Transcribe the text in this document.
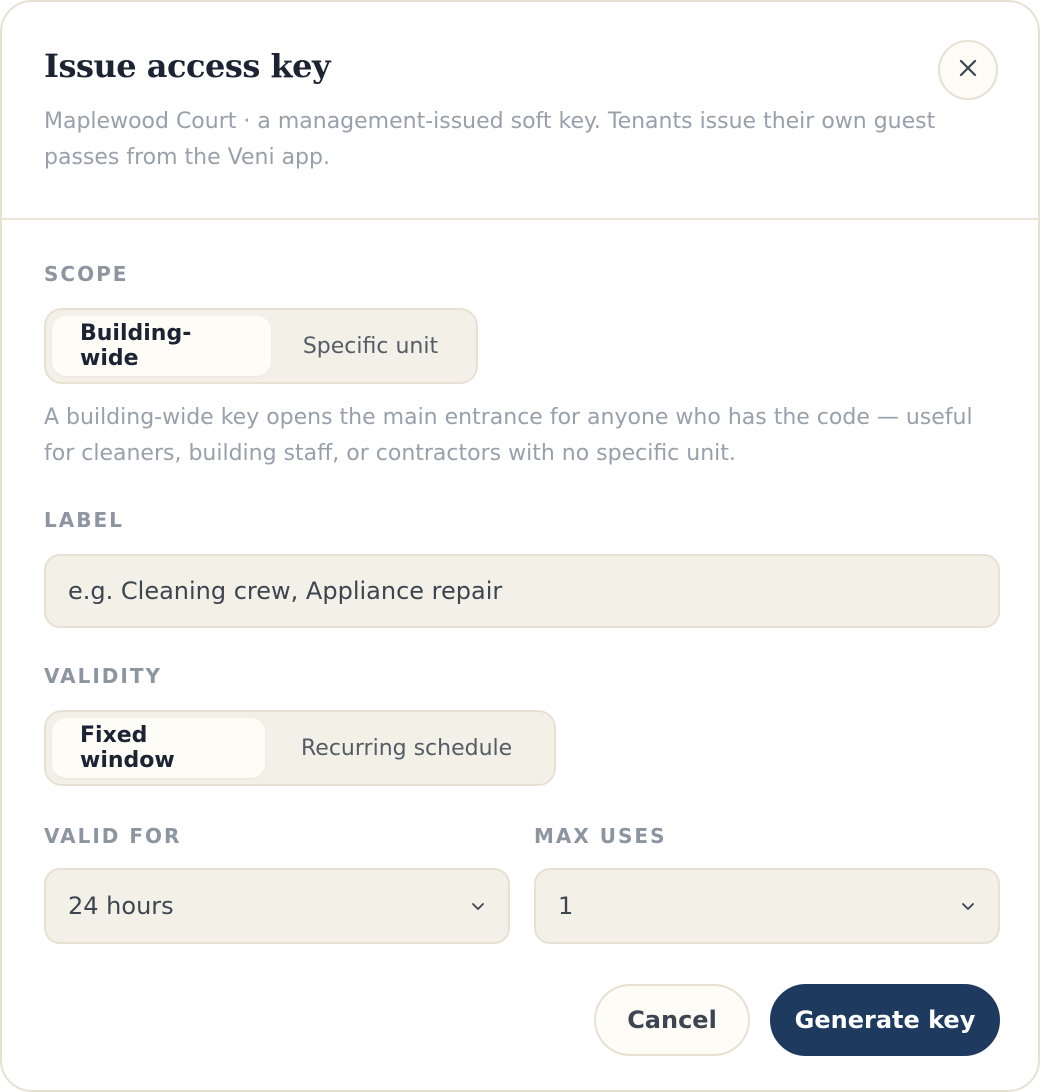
Issue access key

Maplewood Court · a management-issued soft key. Tenants issue their own guest passes from the Veni app.

SCOPE
Building-wide	Specific unit

A building-wide key opens the main entrance for anyone who has the code — useful for cleaners, building staff, or contractors with no specific unit.

LABEL
e.g. Cleaning crew, Appliance repair
VALIDITY
Fixed window	Recurring schedule
VALID FOR
24 hours
MAX USES
1
Cancel	Generate key
